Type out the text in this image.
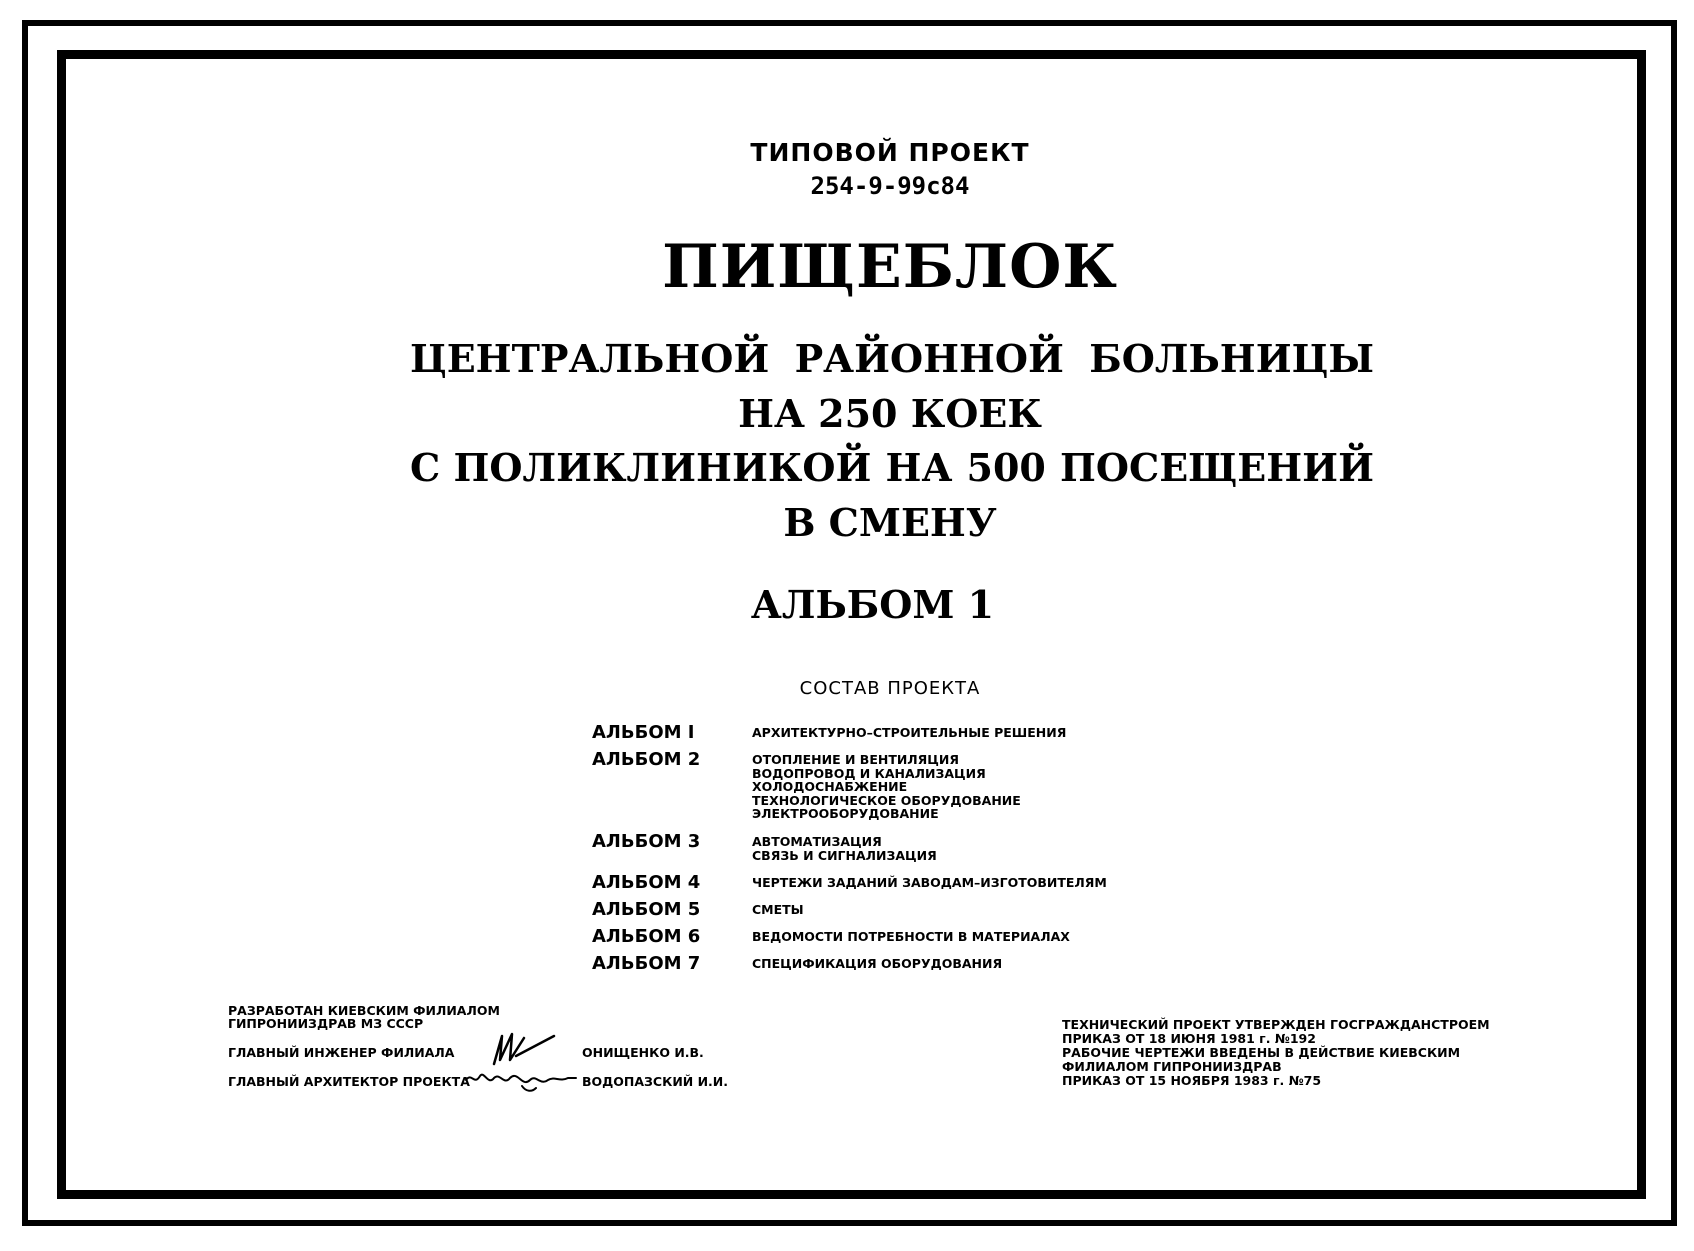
ТИПОВОЙ ПРОЕКТ
254-9-99с84
ПИЩЕБЛОК
ЦЕНТРАЛЬНОЙ РАЙОННОЙ БОЛЬНИЦЫ
НА 250 КОЕК
С ПОЛИКЛИНИКОЙ НА 500 ПОСЕЩЕНИЙ
В СМЕНУ
АЛЬБОМ 1
СОСТАВ ПРОЕКТА
АЛЬБОМ I	АРХИТЕКТУРНО–СТРОИТЕЛЬНЫЕ РЕШЕНИЯ
АЛЬБОМ 2	ОТОПЛЕНИЕ И ВЕНТИЛЯЦИЯ
ВОДОПРОВОД И КАНАЛИЗАЦИЯ
ХОЛОДОСНАБЖЕНИЕ
ТЕХНОЛОГИЧЕСКОЕ ОБОРУДОВАНИЕ
ЭЛЕКТРООБОРУДОВАНИЕ
АЛЬБОМ 3	АВТОМАТИЗАЦИЯ
СВЯЗЬ И СИГНАЛИЗАЦИЯ
АЛЬБОМ 4	ЧЕРТЕЖИ ЗАДАНИЙ ЗАВОДАМ–ИЗГОТОВИТЕЛЯМ
АЛЬБОМ 5	СМЕТЫ
АЛЬБОМ 6	ВЕДОМОСТИ ПОТРЕБНОСТИ В МАТЕРИАЛАХ
АЛЬБОМ 7	СПЕЦИФИКАЦИЯ ОБОРУДОВАНИЯ
РАЗРАБОТАН КИЕВСКИМ ФИЛИАЛОМ
ГИПРОНИИЗДРАВ МЗ СССР
ГЛАВНЫЙ ИНЖЕНЕР ФИЛИАЛА	ОНИЩЕНКО И.В.
ГЛАВНЫЙ АРХИТЕКТОР ПРОЕКТА	ВОДОПАЗСКИЙ И.И.
ТЕХНИЧЕСКИЙ ПРОЕКТ УТВЕРЖДЕН ГОСГРАЖДАНСТРОЕМ
ПРИКАЗ ОТ 18 ИЮНЯ 1981 г. №192
РАБОЧИЕ ЧЕРТЕЖИ ВВЕДЕНЫ В ДЕЙСТВИЕ КИЕВСКИМ
ФИЛИАЛОМ ГИПРОНИИЗДРАВ
ПРИКАЗ ОТ 15 НОЯБРЯ 1983 г. №75
